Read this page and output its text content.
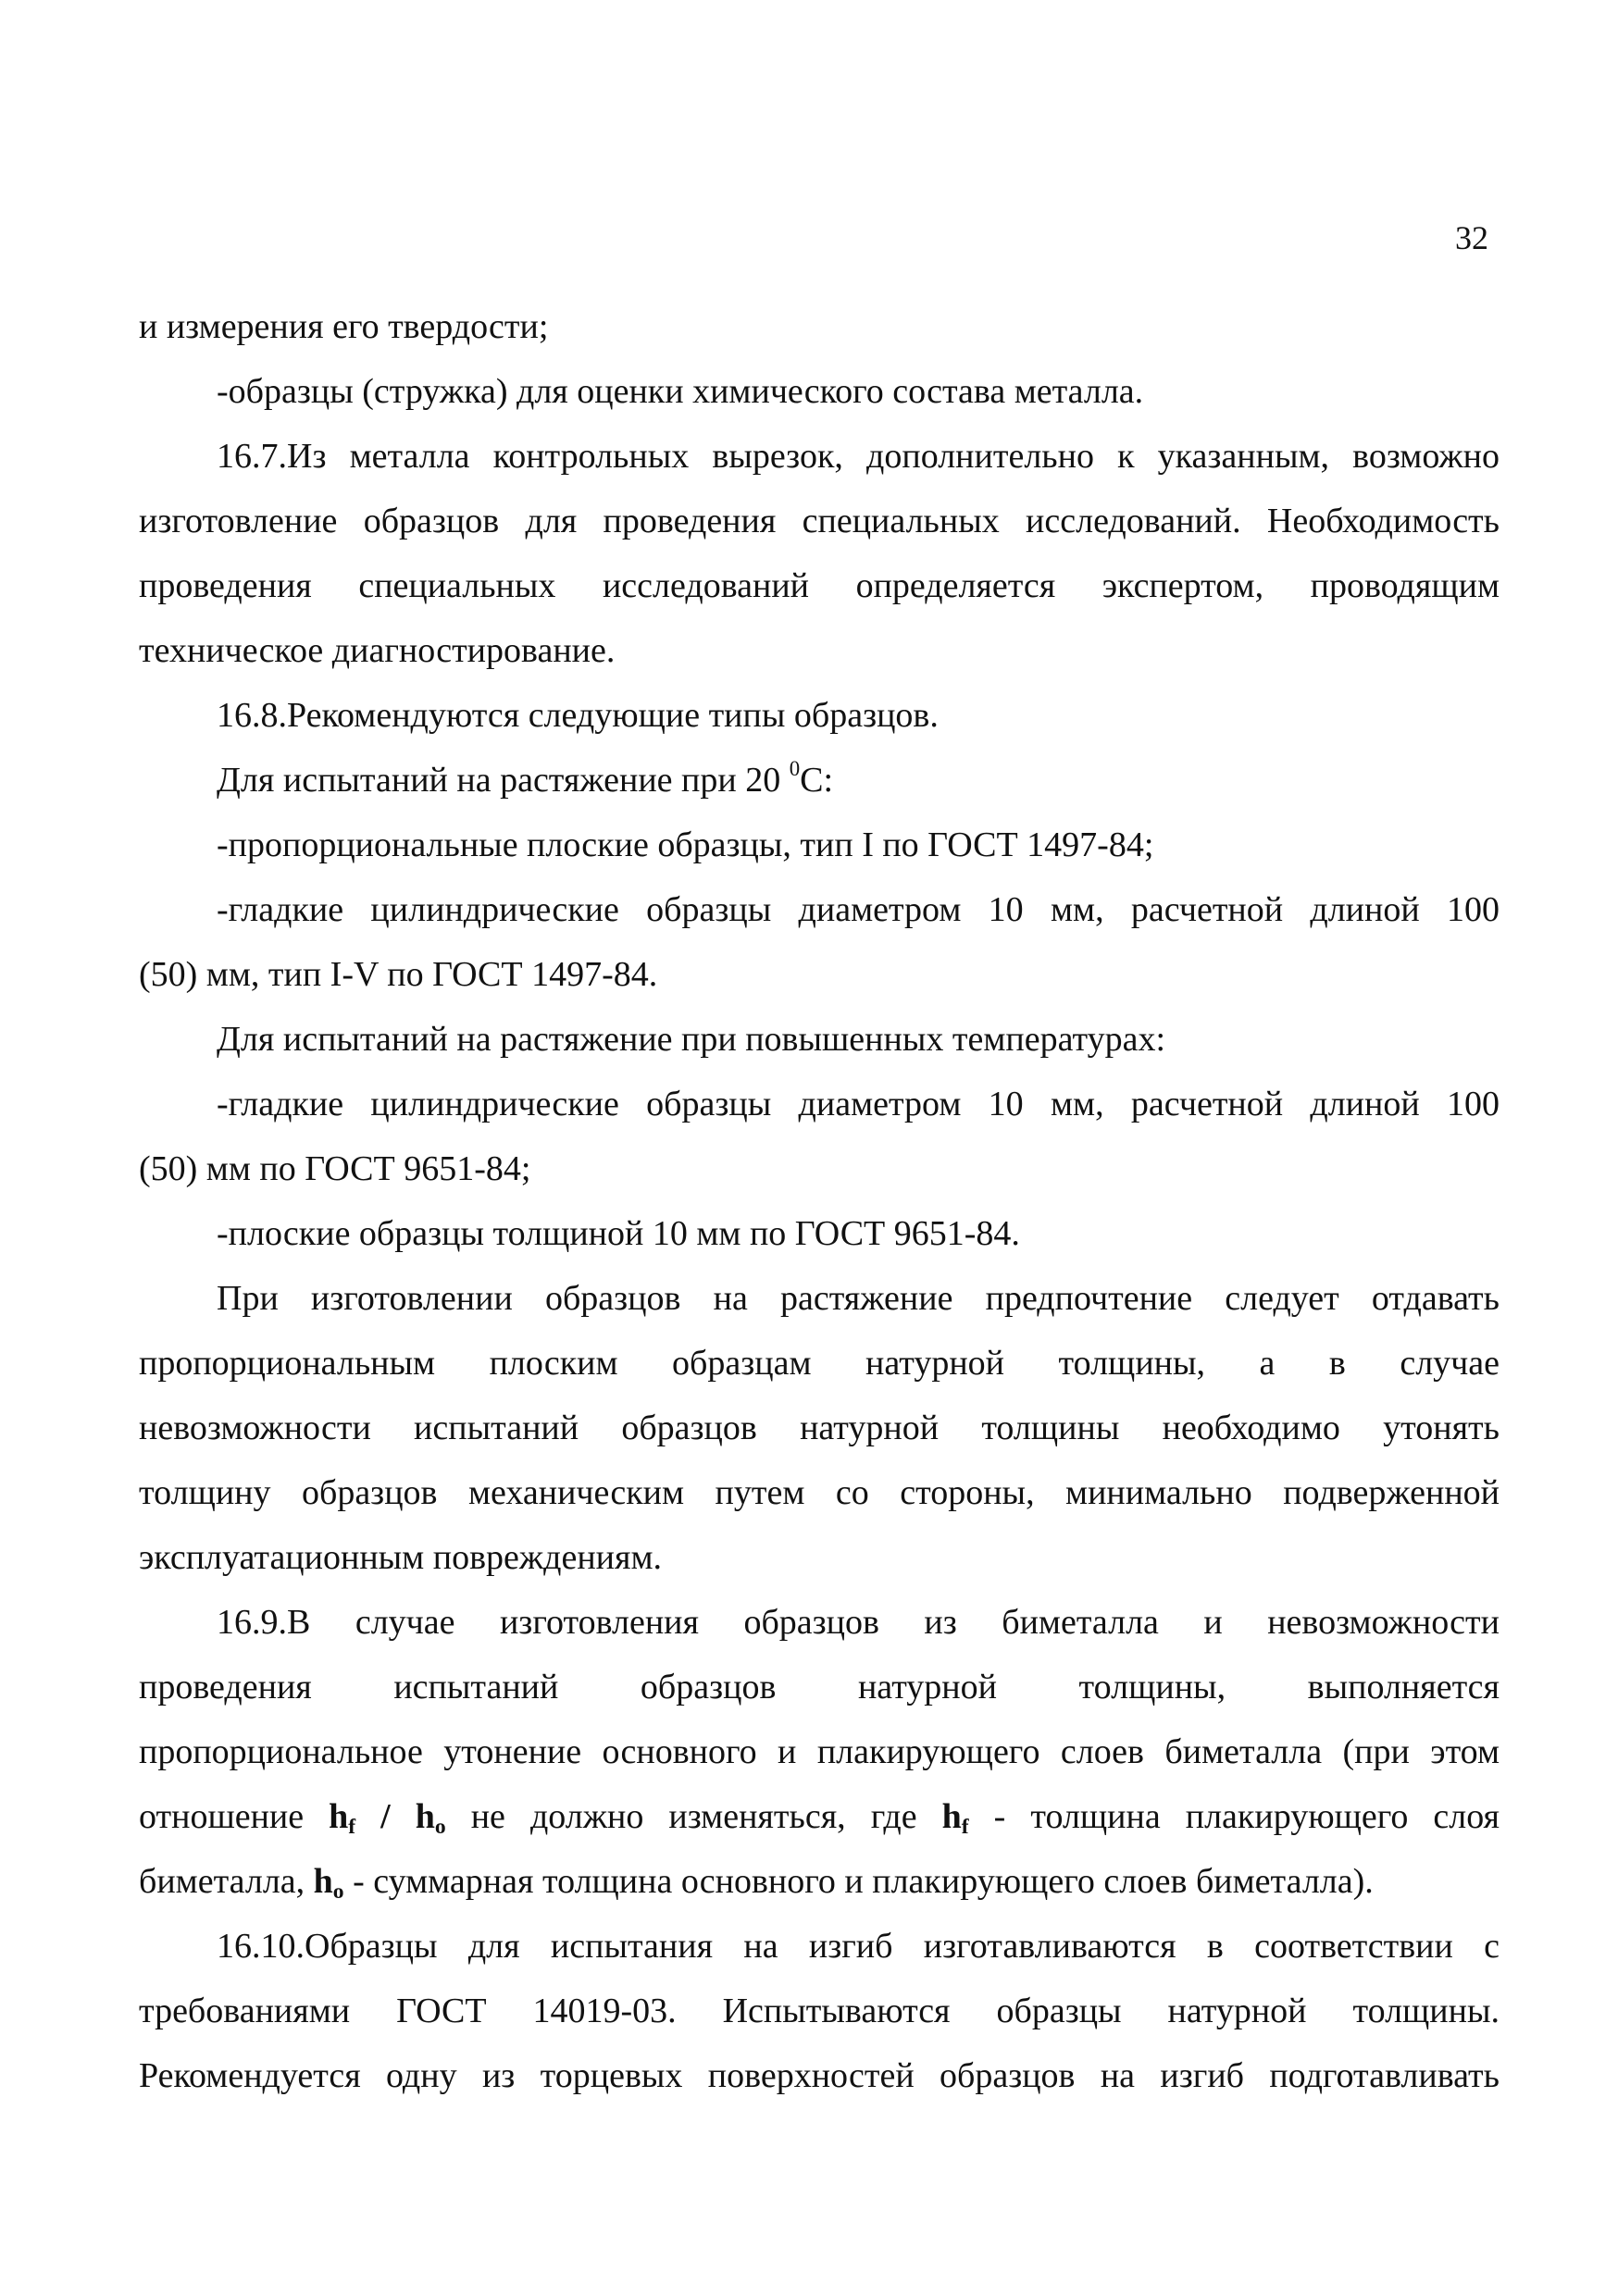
32
и измерения его твердости;
-образцы (стружка) для оценки химического состава металла.
16.7.Из металла контрольных вырезок, дополнительно к указанным, возможно
изготовление образцов для проведения специальных исследований. Необходимость
проведения специальных исследований определяется экспертом, проводящим
техническое диагностирование.
16.8.Рекомендуются следующие типы образцов.
Для испытаний на растяжение при 20 $^0$С:
-пропорциональные плоские образцы, тип I по ГОСТ 1497-84;
-гладкие цилиндрические образцы диаметром 10 мм, расчетной длиной 100
(50) мм, тип I-V по ГОСТ 1497-84.
Для испытаний на растяжение при повышенных температурах:
-гладкие цилиндрические образцы диаметром 10 мм, расчетной длиной 100
(50) мм по ГОСТ 9651-84;
-плоские образцы толщиной 10 мм по ГОСТ 9651-84.
При изготовлении образцов на растяжение предпочтение следует отдавать
пропорциональным плоским образцам натурной толщины, а в случае
невозможности испытаний образцов натурной толщины необходимо утонять
толщину образцов механическим путем со стороны, минимально подверженной
эксплуатационным повреждениям.
16.9.В случае изготовления образцов из биметалла и невозможности
проведения испытаний образцов натурной толщины, выполняется
пропорциональное утонение основного и плакирующего слоев биметалла (при этом
отношение $h_f / h_o$ не должно изменяться, где $h_f$ - толщина плакирующего слоя
биметалла, $h_o$ - суммарная толщина основного и плакирующего слоев биметалла).
16.10.Образцы для испытания на изгиб изготавливаются в соответствии с
требованиями ГОСТ 14019-03. Испытываются образцы натурной толщины.
Рекомендуется одну из торцевых поверхностей образцов на изгиб подготавливать
